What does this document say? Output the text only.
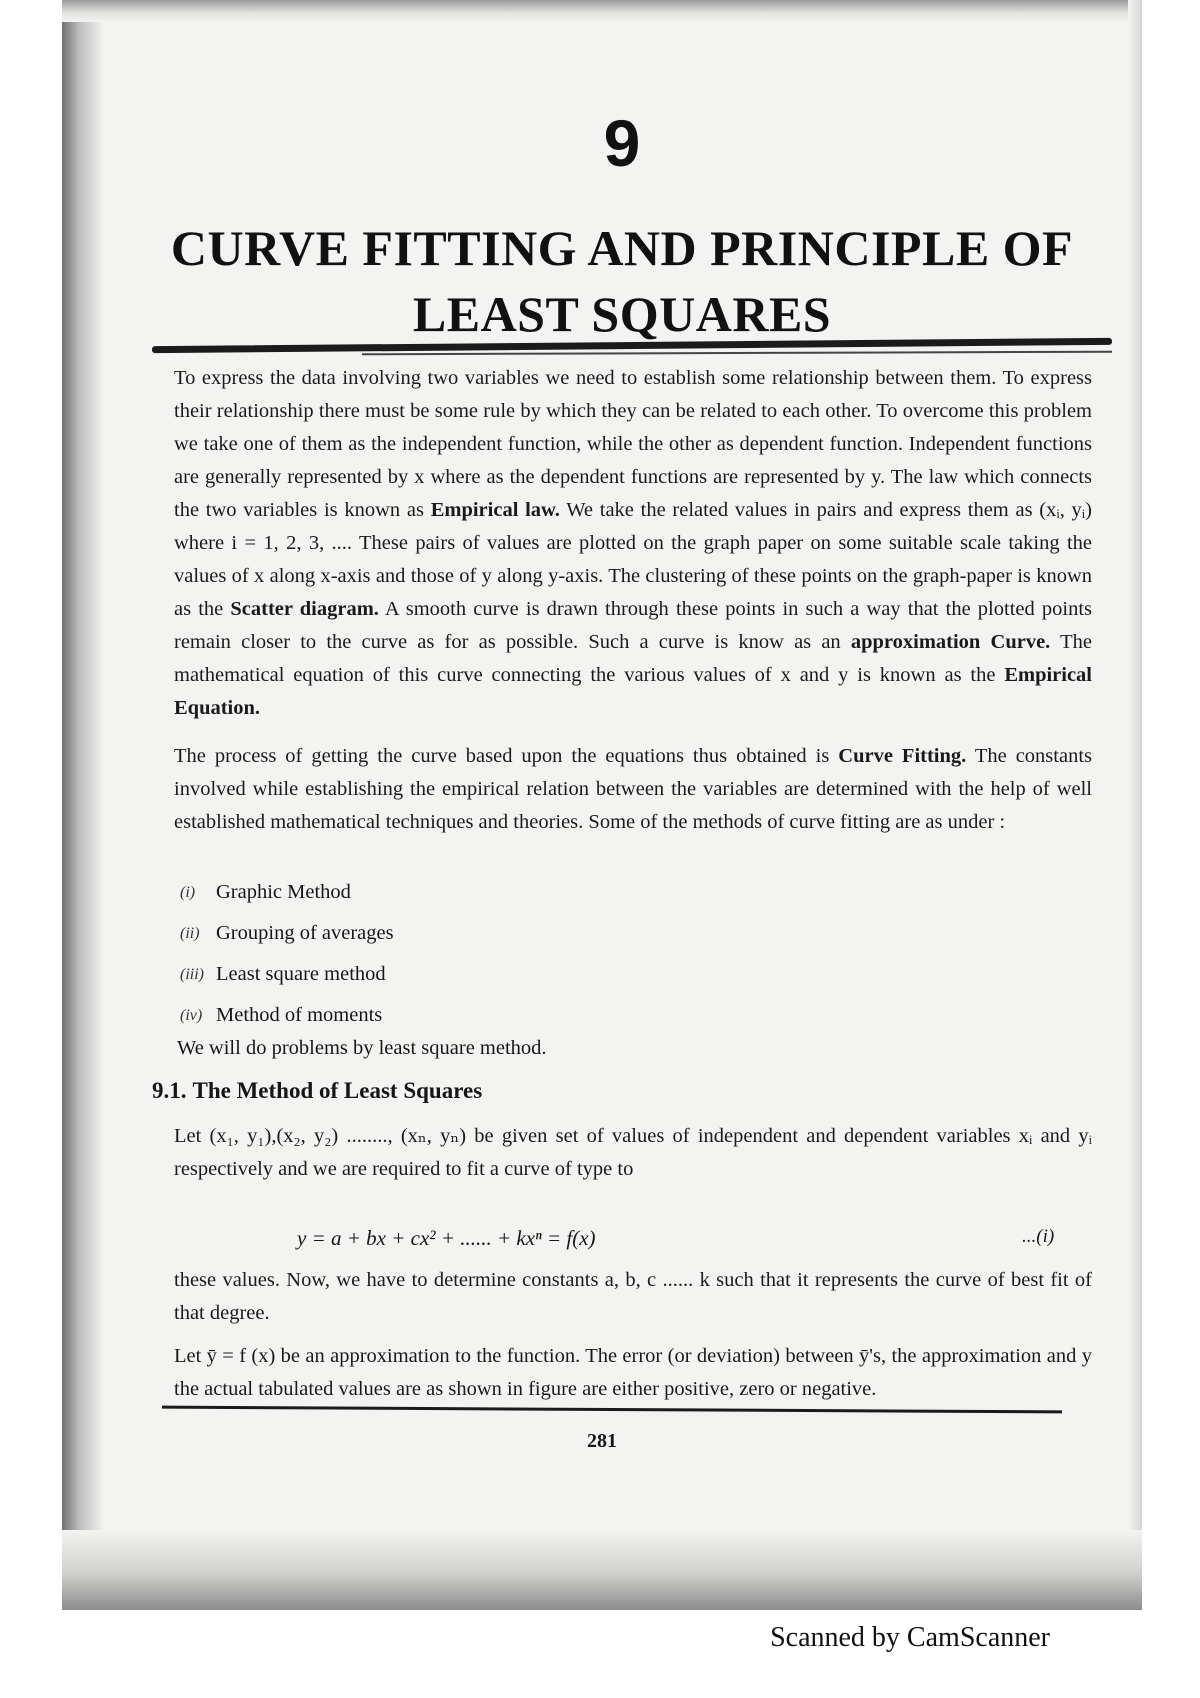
9
CURVE FITTING AND PRINCIPLE OF
LEAST SQUARES

To express the data involving two variables we need to establish some relationship between them. To express their relationship there must be some rule by which they can be related to each other. To overcome this problem we take one of them as the independent function, while the other as dependent function. Independent functions are generally represented by x where as the dependent functions are represented by y. The law which connects the two variables is known as Empirical law. We take the related values in pairs and express them as (xᵢ, yᵢ) where i = 1, 2, 3, .... These pairs of values are plotted on the graph paper on some suitable scale taking the values of x along x-axis and those of y along y-axis. The clustering of these points on the graph-paper is known as the Scatter diagram. A smooth curve is drawn through these points in such a way that the plotted points remain closer to the curve as for as possible. Such a curve is know as an approximation Curve. The mathematical equation of this curve connecting the various values of x and y is known as the Empirical Equation.

The process of getting the curve based upon the equations thus obtained is Curve Fitting. The constants involved while establishing the empirical relation between the variables are determined with the help of well established mathematical techniques and theories. Some of the methods of curve fitting are as under :

(i)	Graphic Method
(ii) Grouping of averages
(iii) Least square method
(iv) Method of moments
We will do problems by least square method.
9.1. The Method of Least Squares

Let (x₁, y₁),(x₂, y₂) ........, (xₙ, yₙ) be given set of values of independent and dependent variables xᵢ and yᵢ respectively and we are required to fit a curve of type to

y = a + bx + cx² + ...... + kxⁿ = f(x)	...(i)

these values. Now, we have to determine constants a, b, c ...... k such that it represents the curve of best fit of that degree.

Let ȳ = f (x) be an approximation to the function. The error (or deviation) between ȳ's, the approximation and y the actual tabulated values are as shown in figure are either positive, zero or negative.

281
Scanned by CamScanner
